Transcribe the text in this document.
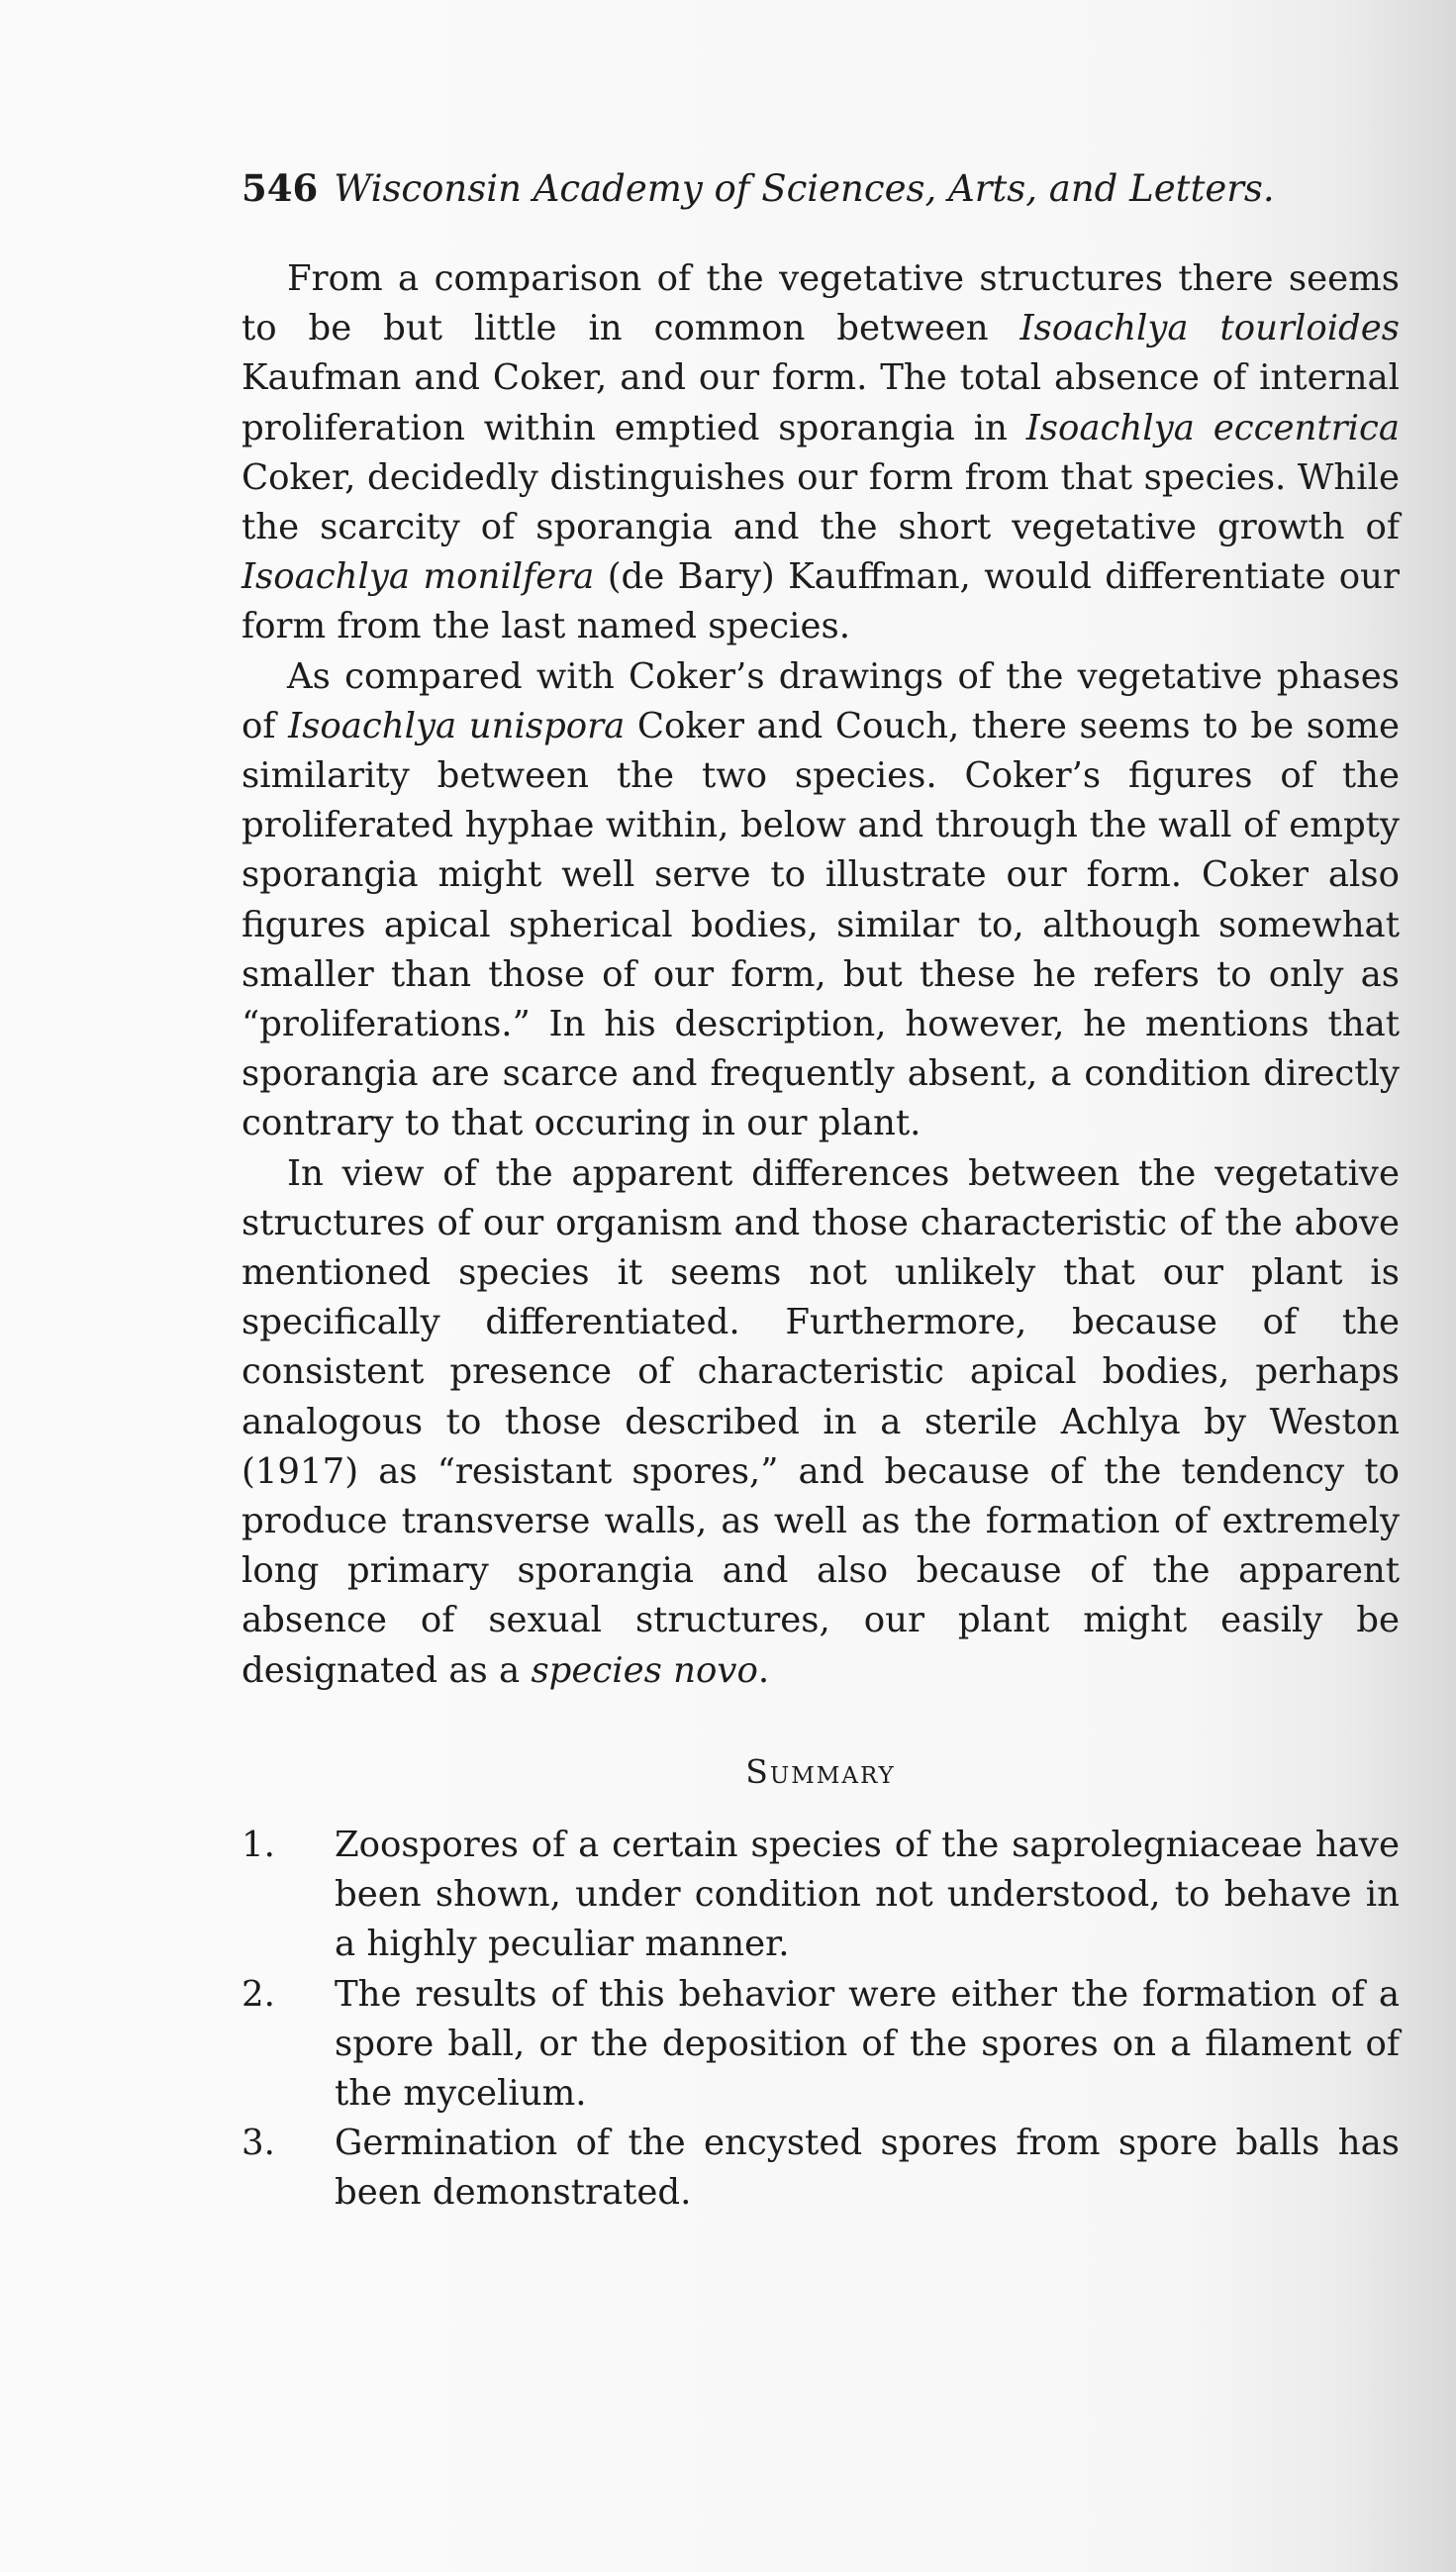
546 Wisconsin Academy of Sciences, Arts, and Letters.

From a comparison of the vegetative structures there seems to be but little in common between Isoachlya tourloides Kaufman and Coker, and our form. The total absence of internal proliferation within emptied sporangia in Isoachlya eccentrica Coker, decidedly distinguishes our form from that species. While the scarcity of sporangia and the short vegetative growth of Isoachlya monilfera (de Bary) Kauffman, would differentiate our form from the last named species.

As compared with Coker’s drawings of the vegetative phases of Isoachlya unispora Coker and Couch, there seems to be some similarity between the two species. Coker’s figures of the proliferated hyphae within, below and through the wall of empty sporangia might well serve to illustrate our form. Coker also figures apical spherical bodies, similar to, although somewhat smaller than those of our form, but these he refers to only as “proliferations.” In his description, however, he mentions that sporangia are scarce and frequently absent, a condition directly contrary to that occuring in our plant.

In view of the apparent differences between the vegetative structures of our organism and those characteristic of the above mentioned species it seems not unlikely that our plant is specifically differentiated. Furthermore, because of the consistent presence of characteristic apical bodies, perhaps analogous to those described in a sterile Achlya by Weston (1917) as “resistant spores,” and because of the tendency to produce transverse walls, as well as the formation of extremely long primary sporangia and also because of the apparent absence of sexual structures, our plant might easily be designated as a species novo.

Summary
1. Zoospores of a certain species of the saprolegniaceae have been shown, under condition not understood, to behave in a highly peculiar manner.
2. The results of this behavior were either the formation of a spore ball, or the deposition of the spores on a filament of the mycelium.
3. Germination of the encysted spores from spore balls has been demonstrated.
